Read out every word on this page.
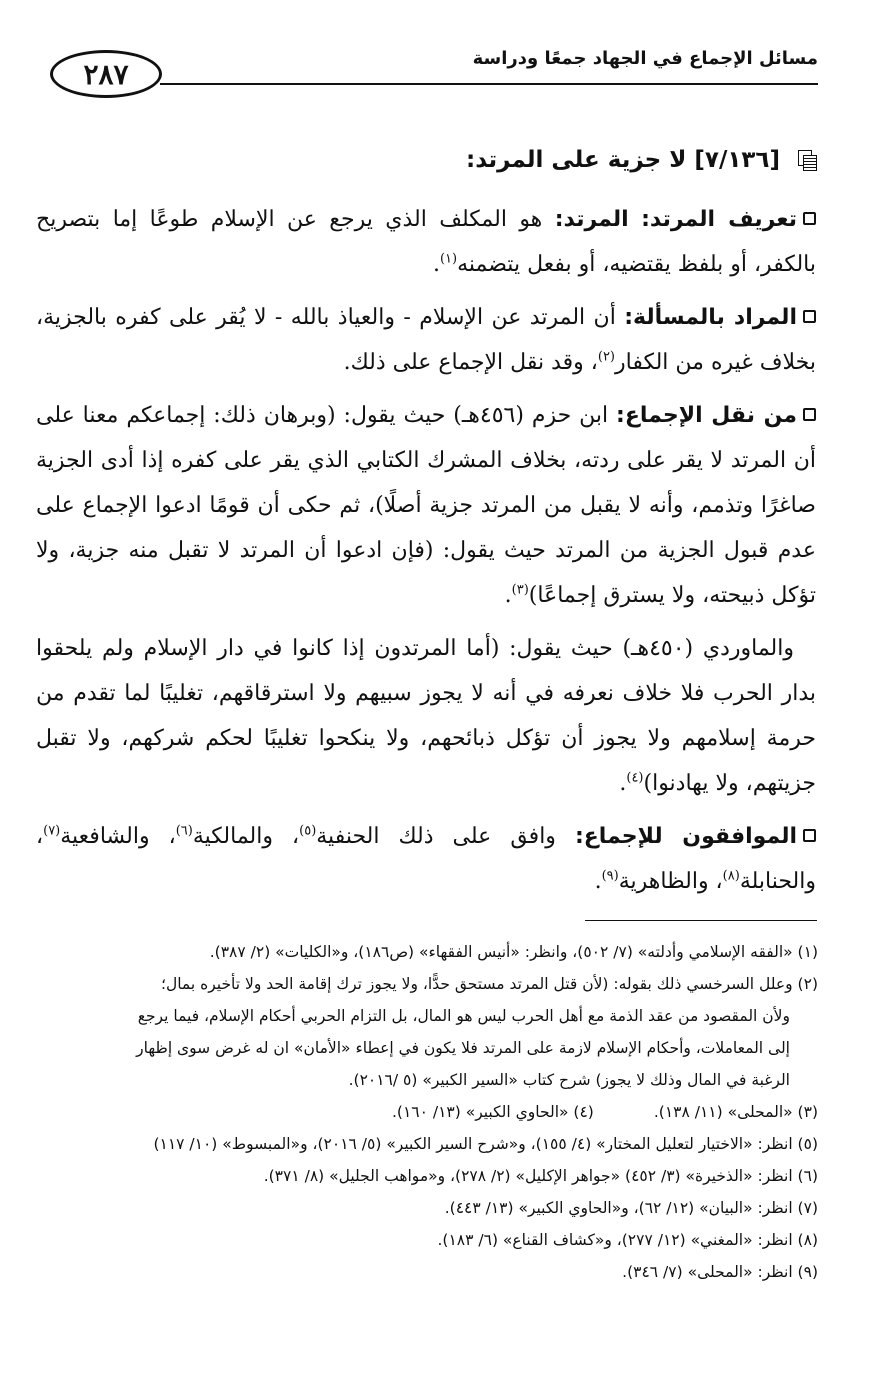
٢٨٧	مسائل الإجماع في الجهاد جمعًا ودراسة

[٧/١٣٦] لا جزية على المرتد:

تعريف المرتد: المرتد: هو المكلف الذي يرجع عن الإسلام طوعًا إما بتصريح بالكفر، أو بلفظ يقتضيه، أو بفعل يتضمنه$^{(١)}$.

المراد بالمسألة: أن المرتد عن الإسلام - والعياذ بالله - لا يُقر على كفره بالجزية، بخلاف غيره من الكفار$^{(٢)}$، وقد نقل الإجماع على ذلك.

من نقل الإجماع: ابن حزم (٤٥٦هـ) حيث يقول: (وبرهان ذلك: إجماعكم معنا على أن المرتد لا يقر على ردته، بخلاف المشرك الكتابي الذي يقر على كفره إذا أدى الجزية صاغرًا وتذمم، وأنه لا يقبل من المرتد جزية أصلًا)، ثم حكى أن قومًا ادعوا الإجماع على عدم قبول الجزية من المرتد حيث يقول: (فإن ادعوا أن المرتد لا تقبل منه جزية، ولا تؤكل ذبيحته، ولا يسترق إجماعًا)$^{(٣)}$.

والماوردي (٤٥٠هـ) حيث يقول: (أما المرتدون إذا كانوا في دار الإسلام ولم يلحقوا بدار الحرب فلا خلاف نعرفه في أنه لا يجوز سبيهم ولا استرقاقهم، تغليبًا لما تقدم من حرمة إسلامهم ولا يجوز أن تؤكل ذبائحهم، ولا ينكحوا تغليبًا لحكم شركهم، ولا تقبل جزيتهم، ولا يهادنوا)$^{(٤)}$.

الموافقون للإجماع: وافق على ذلك الحنفية$^{(٥)}$، والمالكية$^{(٦)}$، والشافعية$^{(٧)}$، والحنابلة$^{(٨)}$، والظاهرية$^{(٩)}$.

(١) «الفقه الإسلامي وأدلته» (٧/ ٥٠٢)، وانظر: «أنيس الفقهاء» (ص١٨٦)، و«الكليات» (٢/ ٣٨٧).

(٢) وعلل السرخسي ذلك بقوله: (لأن قتل المرتد مستحق حدًّا، ولا يجوز ترك إقامة الحد ولا تأخيره بمال؛

ولأن المقصود من عقد الذمة مع أهل الحرب ليس هو المال، بل التزام الحربي أحكام الإسلام، فيما يرجع

إلى المعاملات، وأحكام الإسلام لازمة على المرتد فلا يكون في إعطاء «الأمان» ان له غرض سوى إظهار

الرغبة في المال وذلك لا يجوز) شرح كتاب «السير الكبير» (٥ /٢٠١٦).

(٣) «المحلى» (١١/ ١٣٨).
(٤) «الحاوي الكبير» (١٣/ ١٦٠).

(٥) انظر: «الاختيار لتعليل المختار» (٤/ ١٥٥)، و«شرح السير الكبير» (٥/ ٢٠١٦)، و«المبسوط» (١٠/ ١١٧)

(٦) انظر: «الذخيرة» (٣/ ٤٥٢) «جواهر الإكليل» (٢/ ٢٧٨)، و«مواهب الجليل» (٨/ ٣٧١).

(٧) انظر: «البيان» (١٢/ ٦٢)، و«الحاوي الكبير» (١٣/ ٤٤٣).

(٨) انظر: «المغني» (١٢/ ٢٧٧)، و«كشاف القناع» (٦/ ١٨٣).

(٩) انظر: «المحلى» (٧/ ٣٤٦).
